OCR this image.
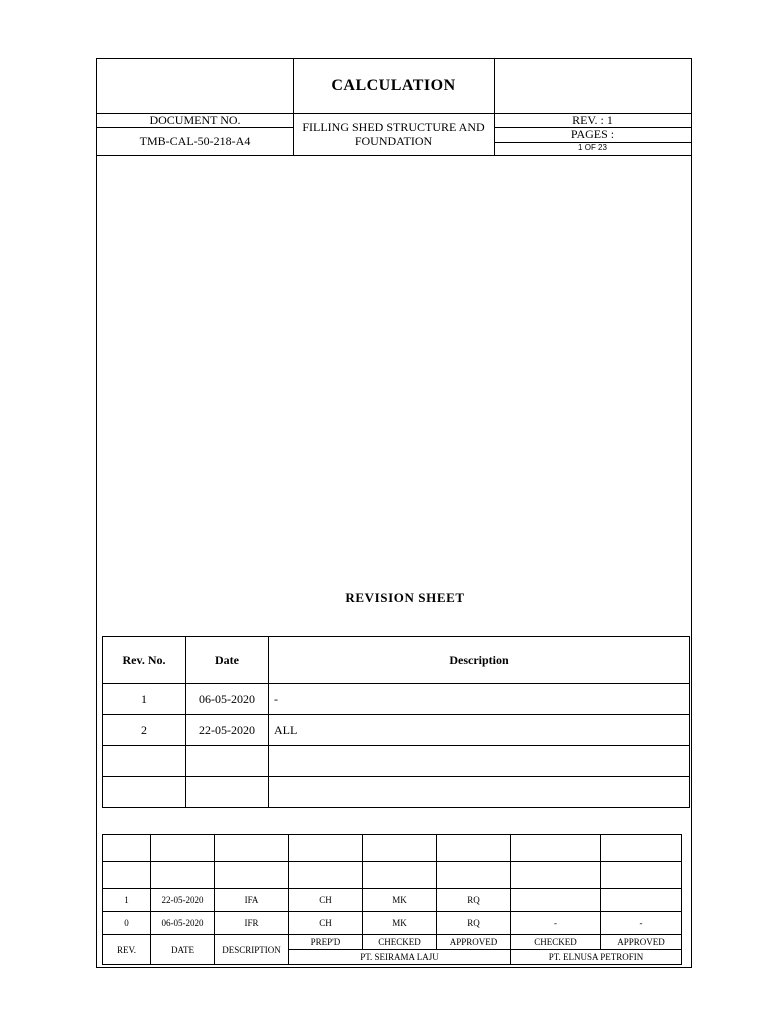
CALCULATION
DOCUMENT NO.
TMB-CAL-50-218-A4
FILLING SHED STRUCTURE AND
FOUNDATION
REV. : 1
PAGES :
1 OF 23
REVISION SHEET
Rev. No.	Date	Description
1	06-05-2020	-
2	22-05-2020	ALL

1	22-05-2020	IFA	CH	MK	RQ		
0	06-05-2020	IFR	CH	MK	RQ	-	-
REV.	DATE	DESCRIPTION	PREP'D	CHECKED	APPROVED	CHECKED	APPROVED
			PT. SEIRAMA LAJU			PT. ELNUSA PETROFIN	
